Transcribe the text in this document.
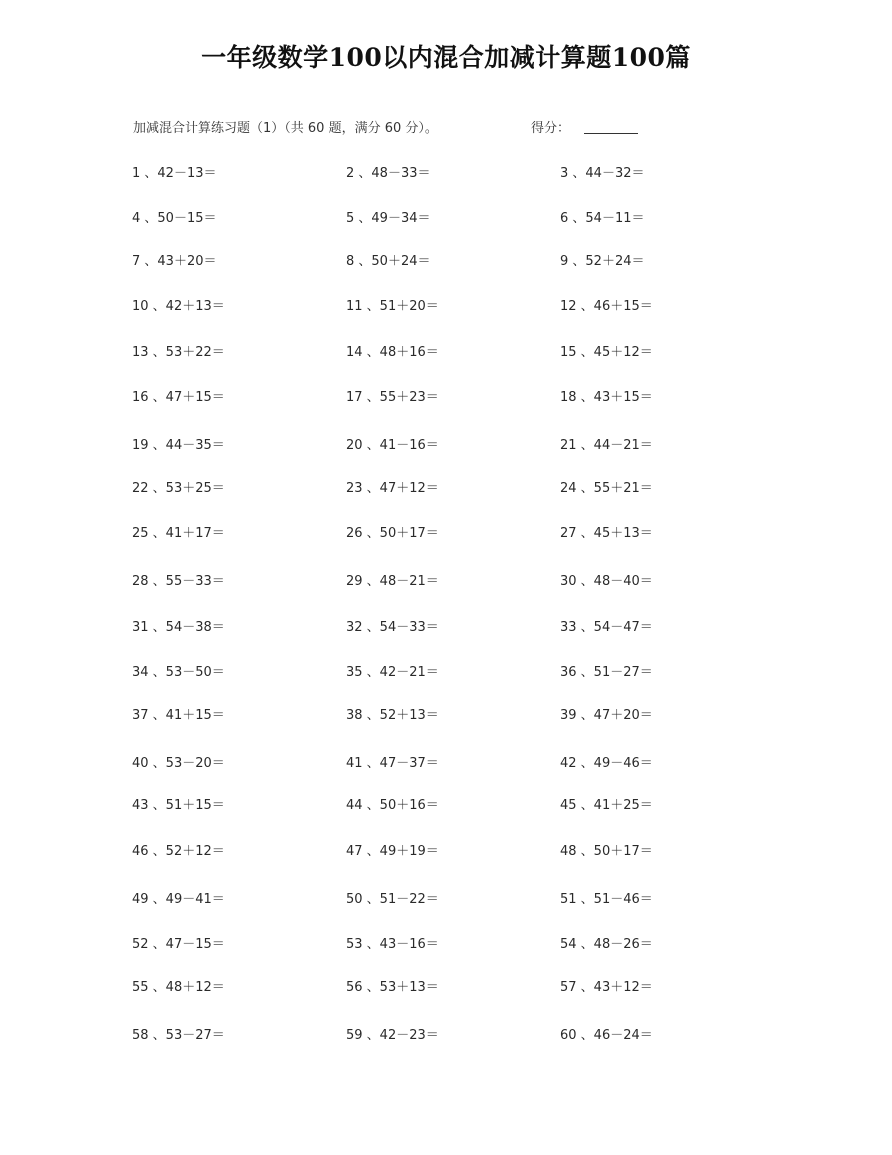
一年级数学100以内混合加减计算题100篇
加减混合计算练习题（1）（共 60 题，满分 60 分）。	得分：
1 、42－13＝	2 、48－33＝	3 、44－32＝
4 、50－15＝	5 、49－34＝	6 、54－11＝
7 、43＋20＝	8 、50＋24＝	9 、52＋24＝
10 、42＋13＝	11 、51＋20＝	12 、46＋15＝
13 、53＋22＝	14 、48＋16＝	15 、45＋12＝
16 、47＋15＝	17 、55＋23＝	18 、43＋15＝
19 、44－35＝	20 、41－16＝	21 、44－21＝
22 、53＋25＝	23 、47＋12＝	24 、55＋21＝
25 、41＋17＝	26 、50＋17＝	27 、45＋13＝
28 、55－33＝	29 、48－21＝	30 、48－40＝
31 、54－38＝	32 、54－33＝	33 、54－47＝
34 、53－50＝	35 、42－21＝	36 、51－27＝
37 、41＋15＝	38 、52＋13＝	39 、47＋20＝
40 、53－20＝	41 、47－37＝	42 、49－46＝
43 、51＋15＝	44 、50＋16＝	45 、41＋25＝
46 、52＋12＝	47 、49＋19＝	48 、50＋17＝
49 、49－41＝	50 、51－22＝	51 、51－46＝
52 、47－15＝	53 、43－16＝	54 、48－26＝
55 、48＋12＝	56 、53＋13＝	57 、43＋12＝
58 、53－27＝	59 、42－23＝	60 、46－24＝
